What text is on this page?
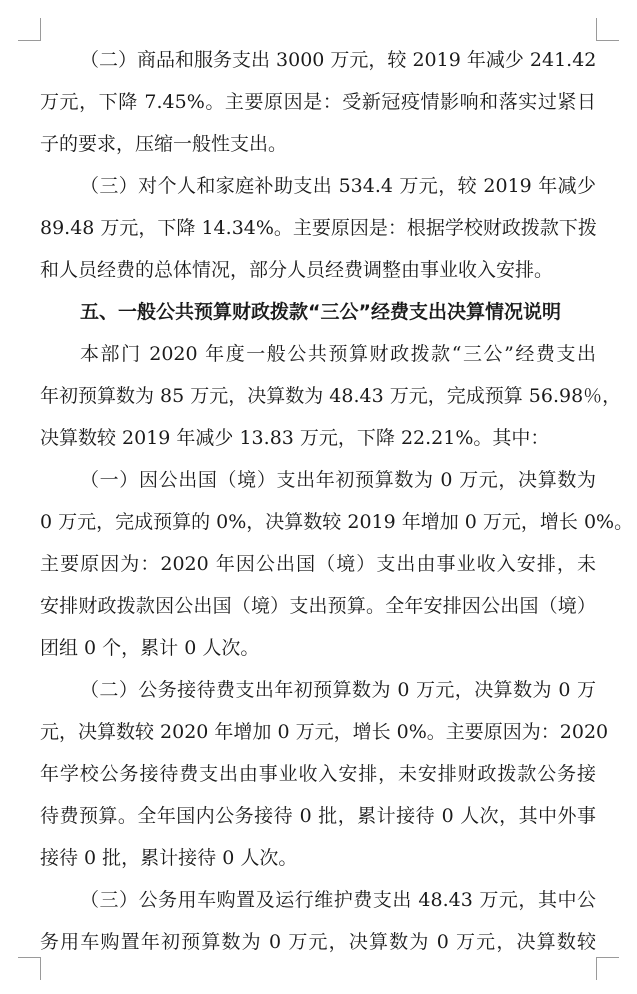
（二）商品和服务支出 3000 万元，较 2019 年减少 241.42
万元，下降 7.45%。主要原因是：受新冠疫情影响和落实过紧日
子的要求，压缩一般性支出。
（三）对个人和家庭补助支出 534.4 万元，较 2019 年减少
89.48 万元，下降 14.34%。主要原因是：根据学校财政拨款下拨
和人员经费的总体情况，部分人员经费调整由事业收入安排。
五、一般公共预算财政拨款“三公”经费支出决算情况说明
本部门 2020 年度一般公共预算财政拨款“三公”经费支出
年初预算数为 85 万元，决算数为 48.43 万元，完成预算 56.98％，
决算数较 2019 年减少 13.83 万元，下降 22.21%。其中：
（一）因公出国（境）支出年初预算数为 0 万元，决算数为
0 万元，完成预算的 0%，决算数较 2019 年增加 0 万元，增长 0%。
主要原因为：2020 年因公出国（境）支出由事业收入安排，未
安排财政拨款因公出国（境）支出预算。全年安排因公出国（境）
团组 0 个，累计 0 人次。
（二）公务接待费支出年初预算数为 0 万元，决算数为 0 万
元，决算数较 2020 年增加 0 万元，增长 0%。主要原因为：2020
年学校公务接待费支出由事业收入安排，未安排财政拨款公务接
待费预算。全年国内公务接待 0 批，累计接待 0 人次，其中外事
接待 0 批，累计接待 0 人次。
（三）公务用车购置及运行维护费支出 48.43 万元，其中公
务用车购置年初预算数为 0 万元，决算数为 0 万元，决算数较
